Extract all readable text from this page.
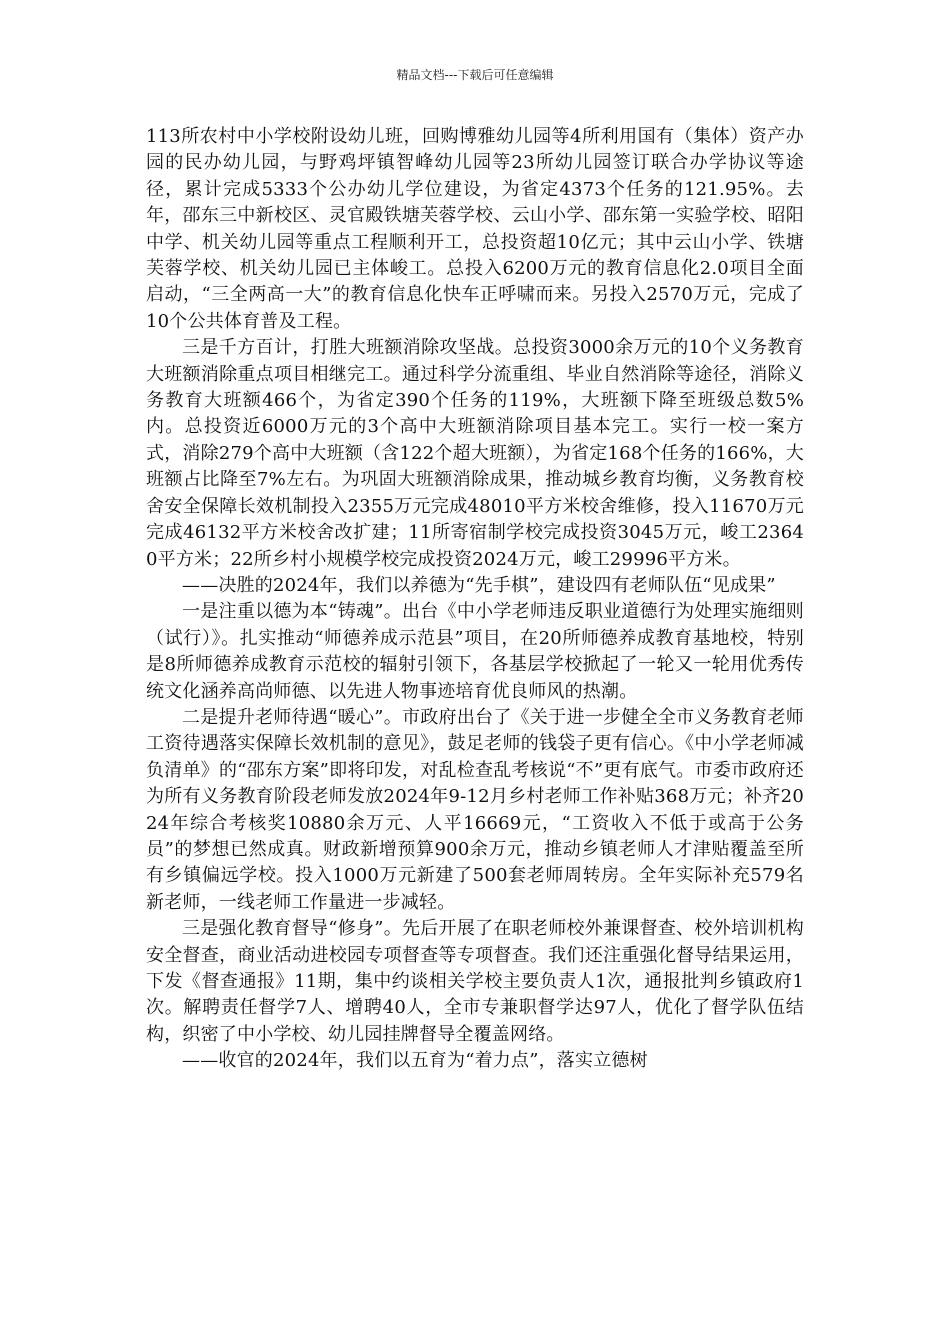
精品文档---下载后可任意编辑

113所农村中小学校附设幼儿班，回购博雅幼儿园等4所利用国有（集体）资产办园的民办幼儿园，与野鸡坪镇智峰幼儿园等23所幼儿园签订联合办学协议等途径，累计完成5333个公办幼儿学位建设，为省定4373个任务的121.95%。去年，邵东三中新校区、灵官殿铁塘芙蓉学校、云山小学、邵东第一实验学校、昭阳中学、机关幼儿园等重点工程顺利开工，总投资超10亿元；其中云山小学、铁塘芙蓉学校、机关幼儿园已主体峻工。总投入6200万元的教育信息化2.0项目全面启动，“三全两高一大”的教育信息化快车正呼啸而来。另投入2570万元，完成了10个公共体育普及工程。

三是千方百计，打胜大班额消除攻坚战。总投资3000余万元的10个义务教育大班额消除重点项目相继完工。通过科学分流重组、毕业自然消除等途径，消除义务教育大班额466个，为省定390个任务的119%，大班额下降至班级总数5%内。总投资近6000万元的3个高中大班额消除项目基本完工。实行一校一案方式，消除279个高中大班额（含122个超大班额），为省定168个任务的166%，大班额占比降至7%左右。为巩固大班额消除成果，推动城乡教育均衡，义务教育校舍安全保障长效机制投入2355万元完成48010平方米校舍维修，投入11670万元完成46132平方米校舍改扩建；11所寄宿制学校完成投资3045万元，峻工23640平方米；22所乡村小规模学校完成投资2024万元，峻工29996平方米。

——决胜的2024年，我们以养德为“先手棋”，建设四有老师队伍“见成果”

一是注重以德为本“铸魂”。出台《中小学老师违反职业道德行为处理实施细则（试行）》。扎实推动“师德养成示范县”项目，在20所师德养成教育基地校，特别是8所师德养成教育示范校的辐射引领下，各基层学校掀起了一轮又一轮用优秀传统文化涵养高尚师德、以先进人物事迹培育优良师风的热潮。

二是提升老师待遇“暖心”。市政府出台了《关于进一步健全全市义务教育老师工资待遇落实保障长效机制的意见》，鼓足老师的钱袋子更有信心。《中小学老师减负清单》的“邵东方案”即将印发，对乱检查乱考核说“不”更有底气。市委市政府还为所有义务教育阶段老师发放2024年9-12月乡村老师工作补贴368万元；补齐2024年综合考核奖10880余万元、人平16669元，“工资收入不低于或高于公务员”的梦想已然成真。财政新增预算900余万元，推动乡镇老师人才津贴覆盖至所有乡镇偏远学校。投入1000万元新建了500套老师周转房。全年实际补充579名新老师，一线老师工作量进一步减轻。

三是强化教育督导“修身”。先后开展了在职老师校外兼课督查、校外培训机构安全督查，商业活动进校园专项督查等专项督查。我们还注重强化督导结果运用，下发《督查通报》11期，集中约谈相关学校主要负责人1次，通报批判乡镇政府1次。解聘责任督学7人、增聘40人，全市专兼职督学达97人，优化了督学队伍结构，织密了中小学校、幼儿园挂牌督导全覆盖网络。

——收官的2024年，我们以五育为“着力点”，落实立德树
